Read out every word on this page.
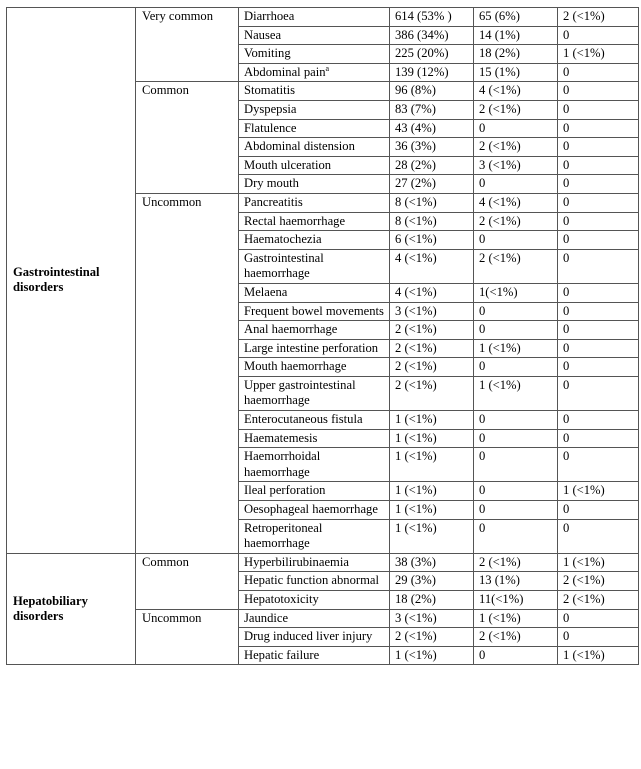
Gastrointestinal disorders	Very common	Diarrhoea	614 (53% )	65 (6%)	2 (<1%)
		Nausea	386 (34%)	14 (1%)	0
		Vomiting	225 (20%)	18 (2%)	1 (<1%)
		Abdominal pain$^a$	139 (12%)	15 (1%)	0
	Common	Stomatitis	96 (8%)	4 (<1%)	0
		Dyspepsia	83 (7%)	2 (<1%)	0
		Flatulence	43 (4%)	0	0
		Abdominal distension	36 (3%)	2 (<1%)	0
		Mouth ulceration	28 (2%)	3 (<1%)	0
		Dry mouth	27 (2%)	0	0
	Uncommon	Pancreatitis	8 (<1%)	4 (<1%)	0
		Rectal haemorrhage	8 (<1%)	2 (<1%)	0
		Haematochezia	6 (<1%)	0	0
		Gastrointestinal haemorrhage	4 (<1%)	2 (<1%)	0
		Melaena	4 (<1%)	1(<1%)	0
		Frequent bowel movements	3 (<1%)	0	0
		Anal haemorrhage	2 (<1%)	0	0
		Large intestine perforation	2 (<1%)	1 (<1%)	0
		Mouth haemorrhage	2 (<1%)	0	0
		Upper gastrointestinal haemorrhage	2 (<1%)	1 (<1%)	0
		Enterocutaneous fistula	1 (<1%)	0	0
		Haematemesis	1 (<1%)	0	0
		Haemorrhoidal haemorrhage	1 (<1%)	0	0
		Ileal perforation	1 (<1%)	0	1 (<1%)
		Oesophageal haemorrhage	1 (<1%)	0	0
		Retroperitoneal haemorrhage	1 (<1%)	0	0
Hepatobiliary disorders	Common	Hyperbilirubinaemia	38 (3%)	2 (<1%)	1 (<1%)
		Hepatic function abnormal	29 (3%)	13 (1%)	2 (<1%)
		Hepatotoxicity	18 (2%)	11(<1%)	2 (<1%)
	Uncommon	Jaundice	3 (<1%)	1 (<1%)	0
		Drug induced liver injury	2 (<1%)	2 (<1%)	0
		Hepatic failure	1 (<1%)	0	1 (<1%)
